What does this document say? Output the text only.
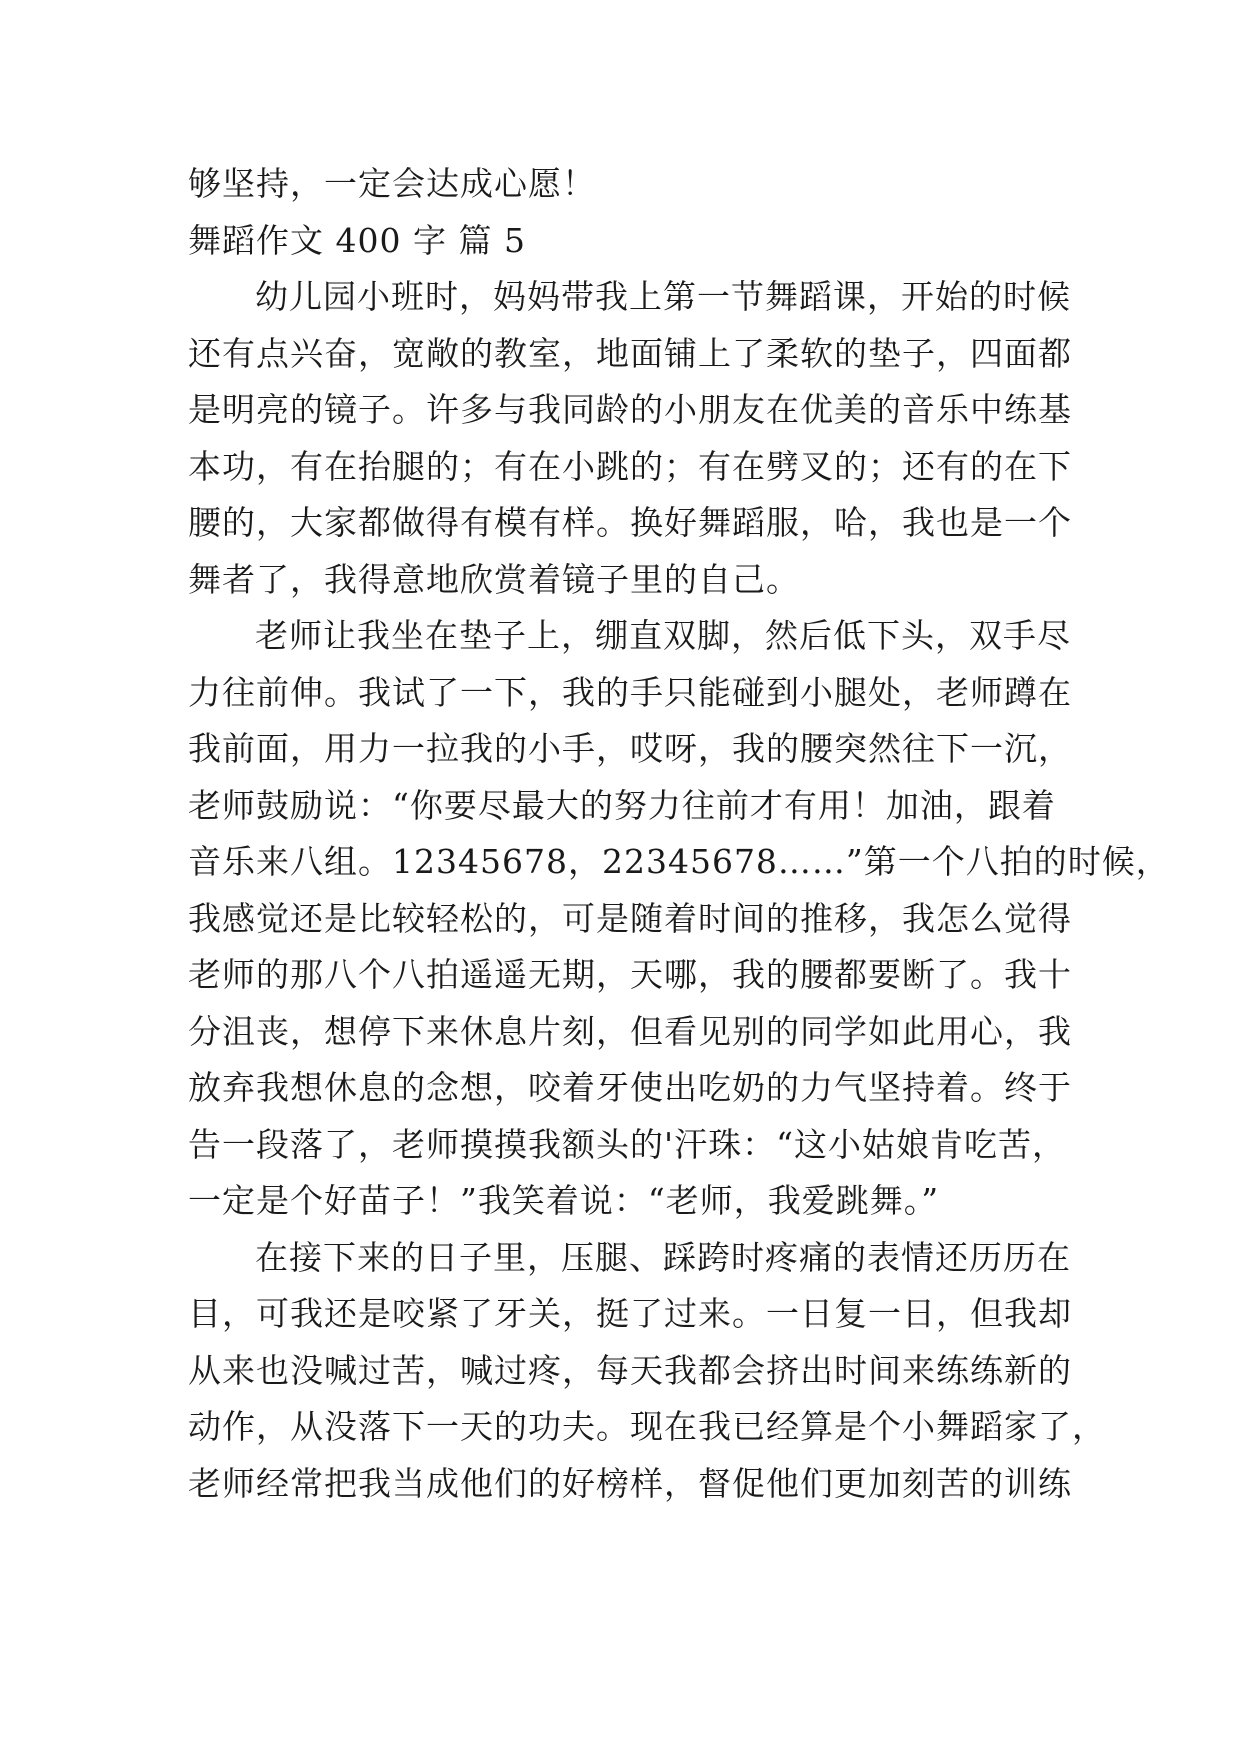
够坚持，一定会达成心愿！
舞蹈作文 400 字 篇 5
幼儿园小班时，妈妈带我上第一节舞蹈课，开始的时候
还有点兴奋，宽敞的教室，地面铺上了柔软的垫子，四面都
是明亮的镜子。许多与我同龄的小朋友在优美的音乐中练基
本功，有在抬腿的；有在小跳的；有在劈叉的；还有的在下
腰的，大家都做得有模有样。换好舞蹈服，哈，我也是一个
舞者了，我得意地欣赏着镜子里的自己。
老师让我坐在垫子上，绷直双脚，然后低下头，双手尽
力往前伸。我试了一下，我的手只能碰到小腿处，老师蹲在
我前面，用力一拉我的小手，哎呀，我的腰突然往下一沉，
老师鼓励说：“你要尽最大的努力往前才有用！加油，跟着
音乐来八组。12345678，22345678……”第一个八拍的时候，
我感觉还是比较轻松的，可是随着时间的推移，我怎么觉得
老师的那八个八拍遥遥无期，天哪，我的腰都要断了。我十
分沮丧，想停下来休息片刻，但看见别的同学如此用心，我
放弃我想休息的念想，咬着牙使出吃奶的力气坚持着。终于
告一段落了，老师摸摸我额头的'汗珠：“这小姑娘肯吃苦，
一定是个好苗子！”我笑着说：“老师，我爱跳舞。”
在接下来的日子里，压腿、踩跨时疼痛的表情还历历在
目，可我还是咬紧了牙关，挺了过来。一日复一日，但我却
从来也没喊过苦，喊过疼，每天我都会挤出时间来练练新的
动作，从没落下一天的功夫。现在我已经算是个小舞蹈家了，
老师经常把我当成他们的好榜样，督促他们更加刻苦的训练
